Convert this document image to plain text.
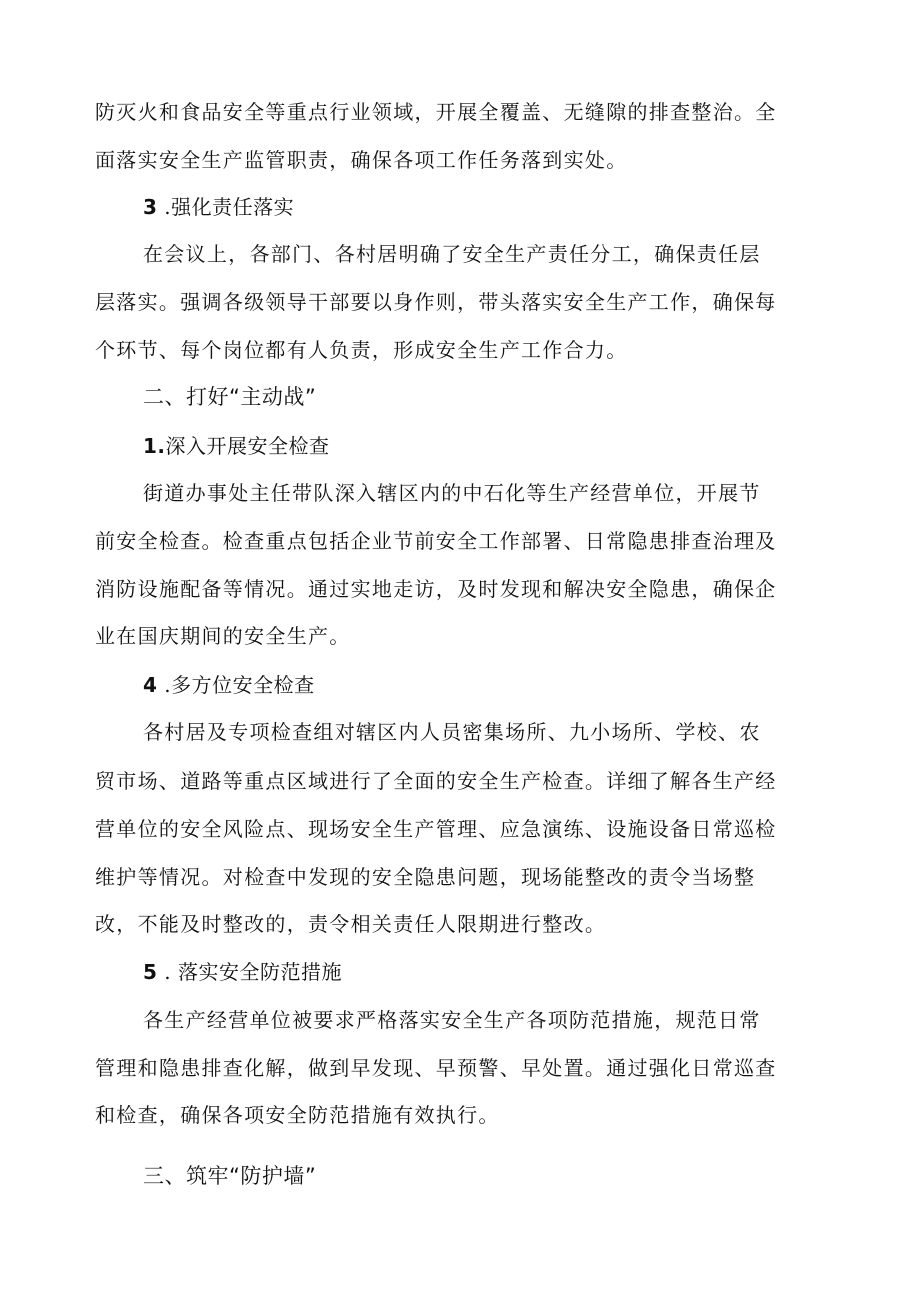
防灭火和食品安全等重点行业领域，开展全覆盖、无缝隙的排查整治。全
面落实安全生产监管职责，确保各项工作任务落到实处。
3 .强化责任落实
在会议上，各部门、各村居明确了安全生产责任分工，确保责任层
层落实。强调各级领导干部要以身作则，带头落实安全生产工作，确保每
个环节、每个岗位都有人负责，形成安全生产工作合力。
二、打好“主动战”
1.深入开展安全检查
街道办事处主任带队深入辖区内的中石化等生产经营单位，开展节
前安全检查。检查重点包括企业节前安全工作部署、日常隐患排查治理及
消防设施配备等情况。通过实地走访，及时发现和解决安全隐患，确保企
业在国庆期间的安全生产。
4 .多方位安全检查
各村居及专项检查组对辖区内人员密集场所、九小场所、学校、农
贸市场、道路等重点区域进行了全面的安全生产检查。详细了解各生产经
营单位的安全风险点、现场安全生产管理、应急演练、设施设备日常巡检
维护等情况。对检查中发现的安全隐患问题，现场能整改的责令当场整
改，不能及时整改的，责令相关责任人限期进行整改。
5 . 落实安全防范措施
各生产经营单位被要求严格落实安全生产各项防范措施，规范日常
管理和隐患排查化解，做到早发现、早预警、早处置。通过强化日常巡查
和检查，确保各项安全防范措施有效执行。
三、筑牢“防护墙”
